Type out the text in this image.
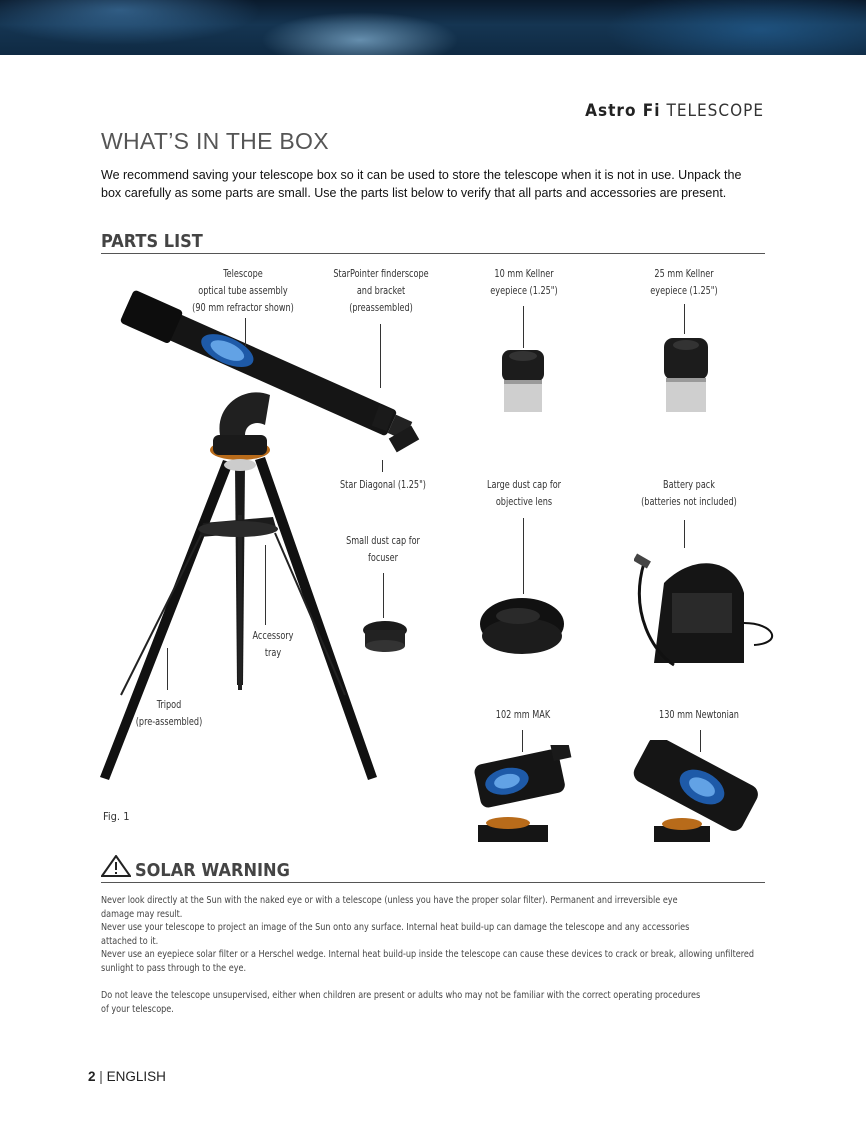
Astro Fi TELESCOPE
WHAT’S IN THE BOX

We recommend saving your telescope box so it can be used to store the telescope when it is not in use. Unpack the box carefully as some parts are small. Use the parts list below to verify that all parts and accessories are present.

PARTS LIST
Telescope
optical tube assembly
(90 mm refractor shown)
StarPointer finderscope
and bracket
(preassembled)
10 mm Kellner
eyepiece (1.25")
25 mm Kellner
eyepiece (1.25")
Star Diagonal (1.25")
Small dust cap for
focuser
Large dust cap for
objective lens
Battery pack
(batteries not included)
Accessory
tray
Tripod
(pre-assembled)
102 mm MAK	130 mm Newtonian
Fig. 1
SOLAR WARNING

Never look directly at the Sun with the naked eye or with a telescope (unless you have the proper solar filter). Permanent and irreversible eye damage may result.

Never use your telescope to project an image of the Sun onto any surface. Internal heat build-up can damage the telescope and any accessories attached to it.

Never use an eyepiece solar filter or a Herschel wedge. Internal heat build-up inside the telescope can cause these devices to crack or break, allowing unfiltered sunlight to pass through to the eye.

Do not leave the telescope unsupervised, either when children are present or adults who may not be familiar with the correct operating procedures of your telescope.

2 | ENGLISH
